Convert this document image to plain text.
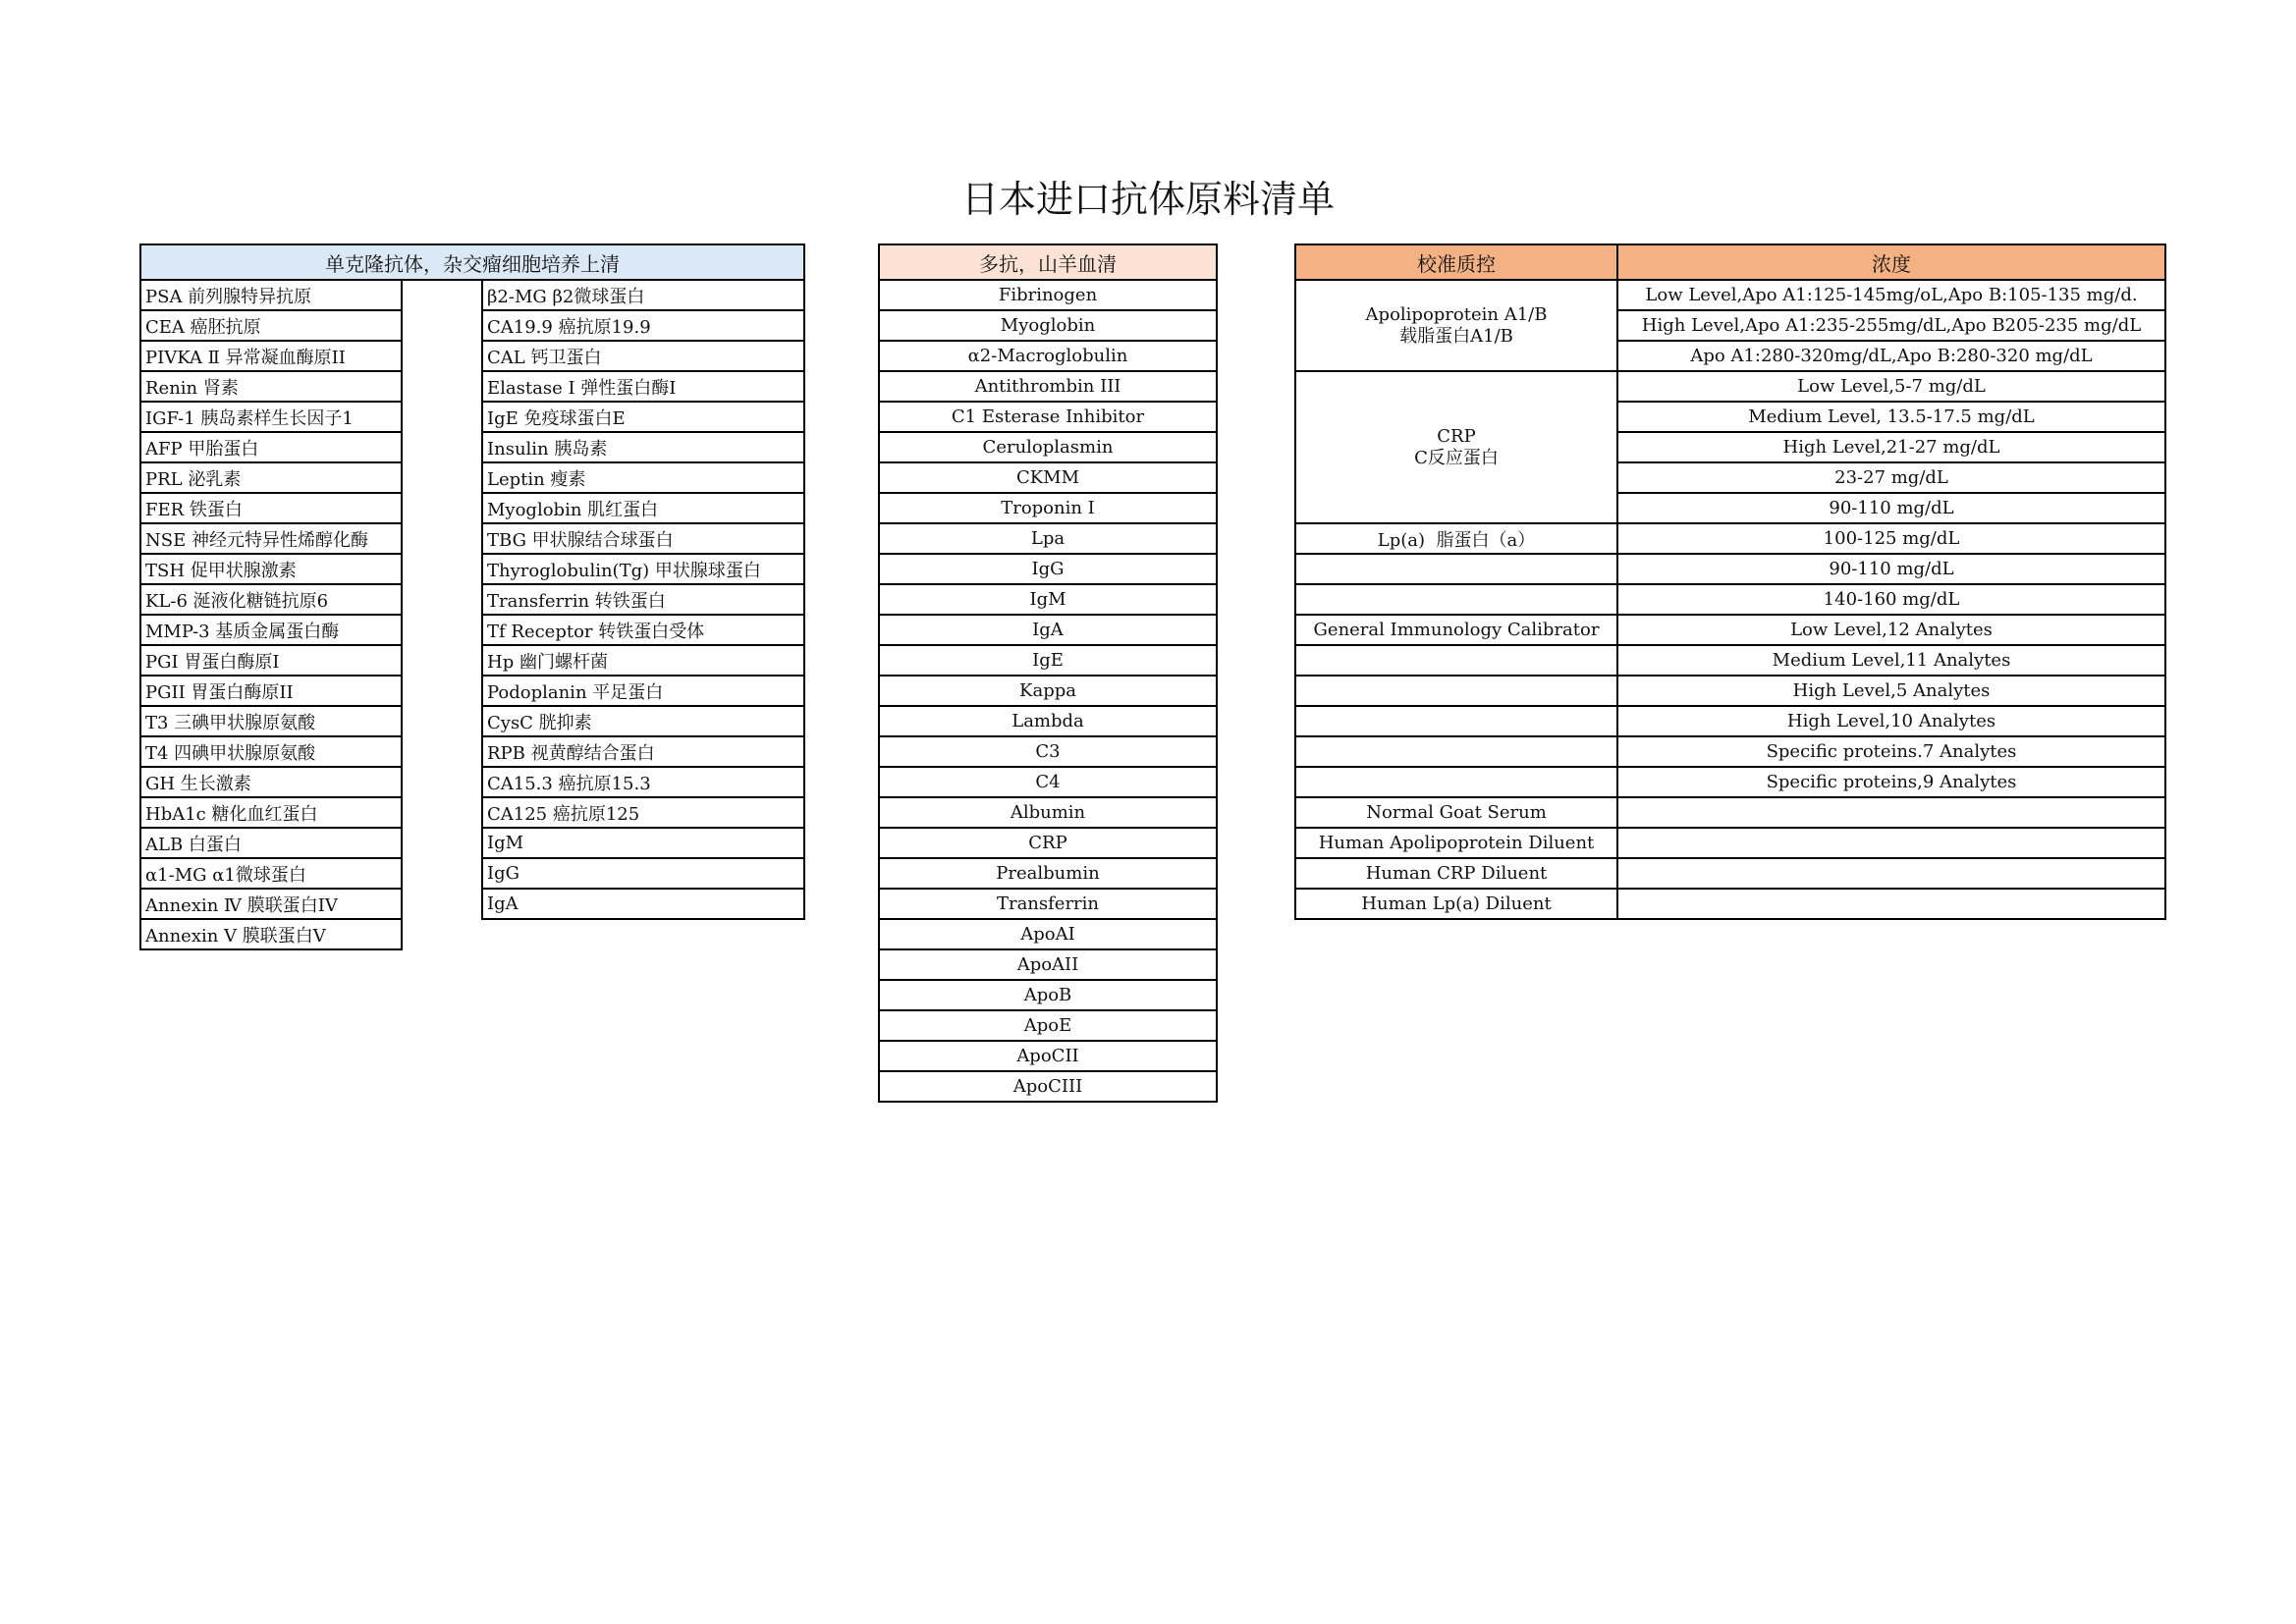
日本进口抗体原料清单
单克隆抗体，杂交瘤细胞培养上清		
PSA 前列腺特异抗原		β2-MG β2微球蛋白
CEA 癌胚抗原		CA19.9 癌抗原19.9
PIVKA Ⅱ 异常凝血酶原II		CAL 钙卫蛋白
Renin 肾素		Elastase Ⅰ 弹性蛋白酶I
IGF-1 胰岛素样生长因子1		IgE 免疫球蛋白E
AFP 甲胎蛋白		Insulin 胰岛素
PRL 泌乳素		Leptin 瘦素
FER 铁蛋白		Myoglobin 肌红蛋白
NSE 神经元特异性烯醇化酶		TBG 甲状腺结合球蛋白
TSH 促甲状腺激素		Thyroglobulin(Tg) 甲状腺球蛋白
KL-6 涎液化糖链抗原6		Transferrin 转铁蛋白
MMP-3 基质金属蛋白酶		Tf Receptor 转铁蛋白受体
PGI 胃蛋白酶原I		Hp 幽门螺杆菌
PGII 胃蛋白酶原II		Podoplanin 平足蛋白
T3 三碘甲状腺原氨酸		CysC 胱抑素
T4 四碘甲状腺原氨酸		RPB 视黄醇结合蛋白
GH 生长激素		CA15.3 癌抗原15.3
HbA1c 糖化血红蛋白		CA125 癌抗原125
ALB 白蛋白		IgM
α1-MG α1微球蛋白		IgG
Annexin Ⅳ 膜联蛋白IV		IgA
Annexin Ⅴ 膜联蛋白V		
多抗，山羊血清
Fibrinogen
Myoglobin
α2-Macroglobulin
Antithrombin III
C1 Esterase Inhibitor
Ceruloplasmin
CKMM
Troponin I
Lpa
IgG
IgM
IgA
IgE
Kappa
Lambda
C3
C4
Albumin
CRP
Prealbumin
Transferrin
ApoAI
ApoAII
ApoB
ApoE
ApoCII
ApoCIII
校准质控	浓度

Apolipoprotein A1/B
载脂蛋白A1/B	Low Level,Apo A1:125-145mg/oL,Apo B:105-135 mg/d.
	High Level,Apo A1:235-255mg/dL,Apo B205-235 mg/dL
	Apo A1:280-320mg/dL,Apo B:280-320 mg/dL

CRP
C反应蛋白	Low Level,5-7 mg/dL
	Medium Level, 13.5-17.5 mg/dL
	High Level,21-27 mg/dL
	23-27 mg/dL
	90-110 mg/dL
Lp(a)  脂蛋白（a）	100-125 mg/dL
	90-110 mg/dL
	140-160 mg/dL
General Immunology Calibrator	Low Level,12 Analytes
	Medium Level,11 Analytes
	High Level,5 Analytes
	High Level,10 Analytes
	Specific proteins.7 Analytes
	Specific proteins,9 Analytes
Normal Goat Serum	
Human Apolipoprotein Diluent	
Human CRP Diluent	
Human Lp(a) Diluent	
